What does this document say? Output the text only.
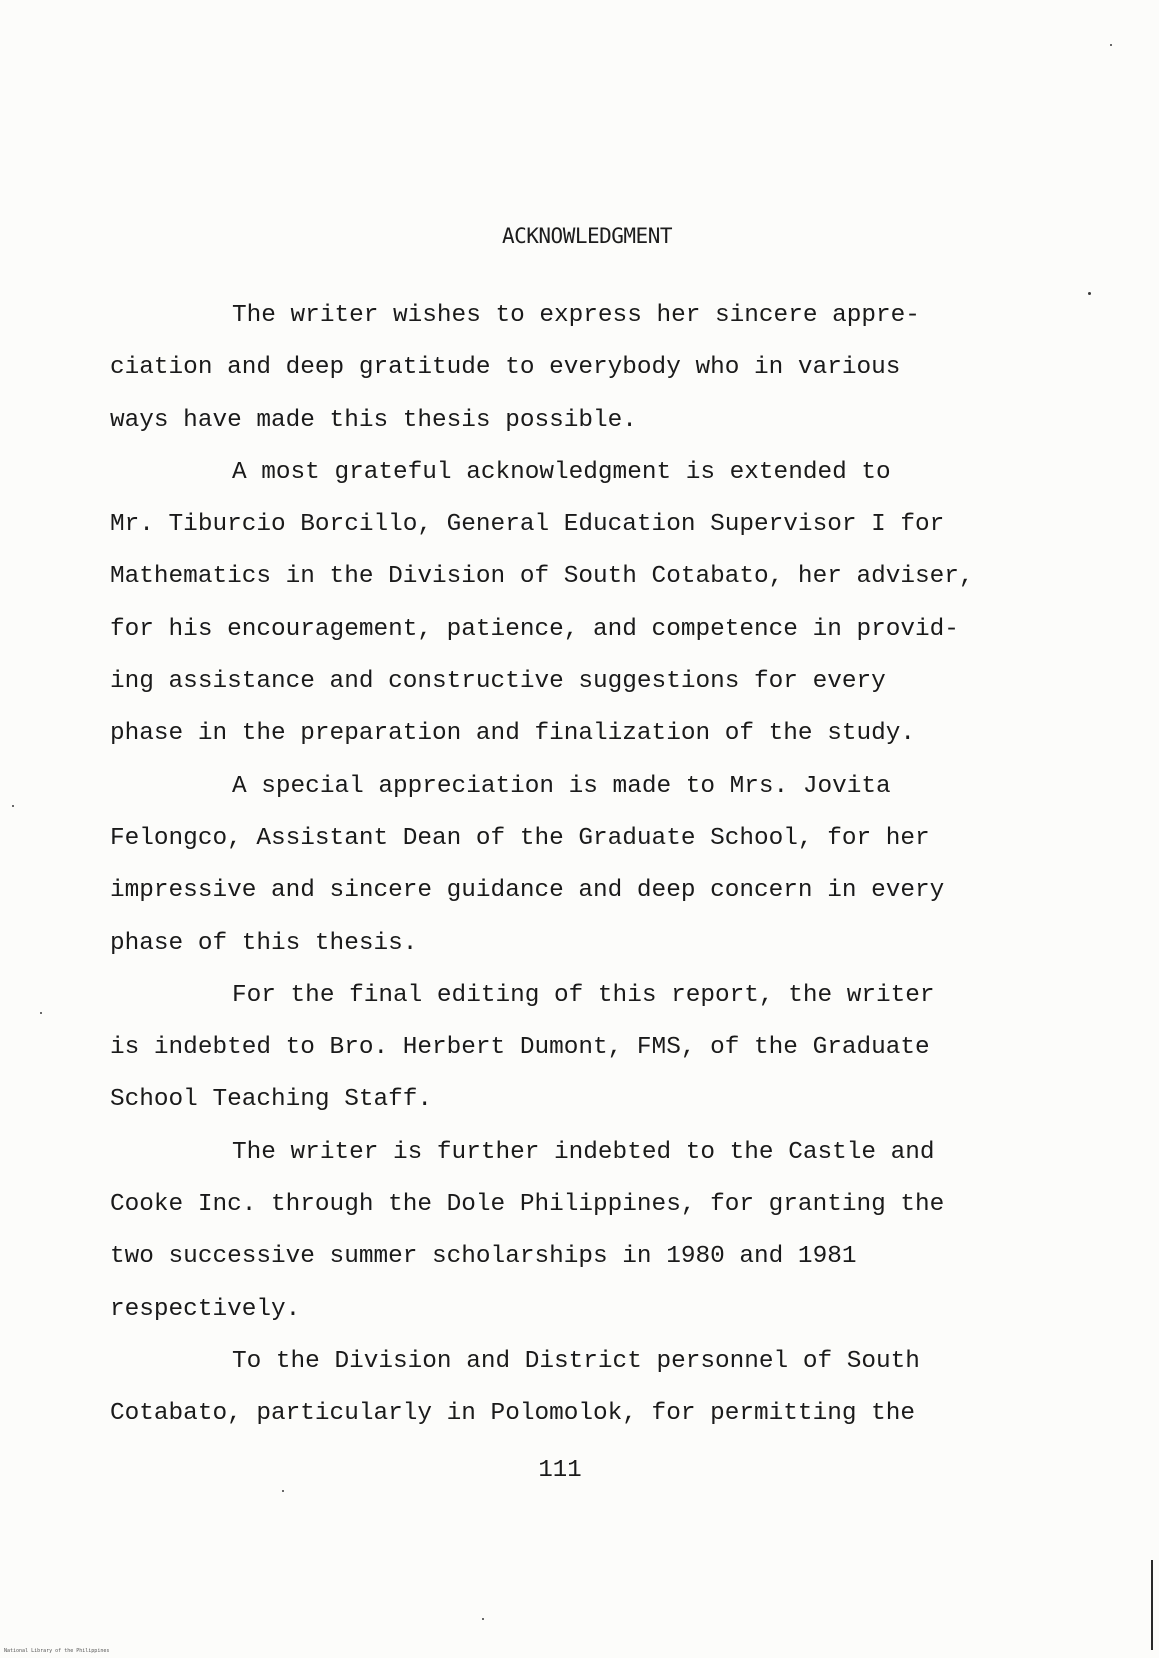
ACKNOWLEDGMENT
The writer wishes to express her sincere appre-
ciation and deep gratitude to everybody who in various
ways have made this thesis possible.
A most grateful acknowledgment is extended to
Mr. Tiburcio Borcillo, General Education Supervisor I for
Mathematics in the Division of South Cotabato, her adviser,
for his encouragement, patience, and competence in provid-
ing assistance and constructive suggestions for every
phase in the preparation and finalization of the study.
A special appreciation is made to Mrs. Jovita
Felongco, Assistant Dean of the Graduate School, for her
impressive and sincere guidance and deep concern in every
phase of this thesis.
For the final editing of this report, the writer
is indebted to Bro. Herbert Dumont, FMS, of the Graduate
School Teaching Staff.
The writer is further indebted to the Castle and
Cooke Inc. through the Dole Philippines, for granting the
two successive summer scholarships in 1980 and 1981
respectively.
To the Division and District personnel of South
Cotabato, particularly in Polomolok, for permitting the
111
National Library of the Philippines
